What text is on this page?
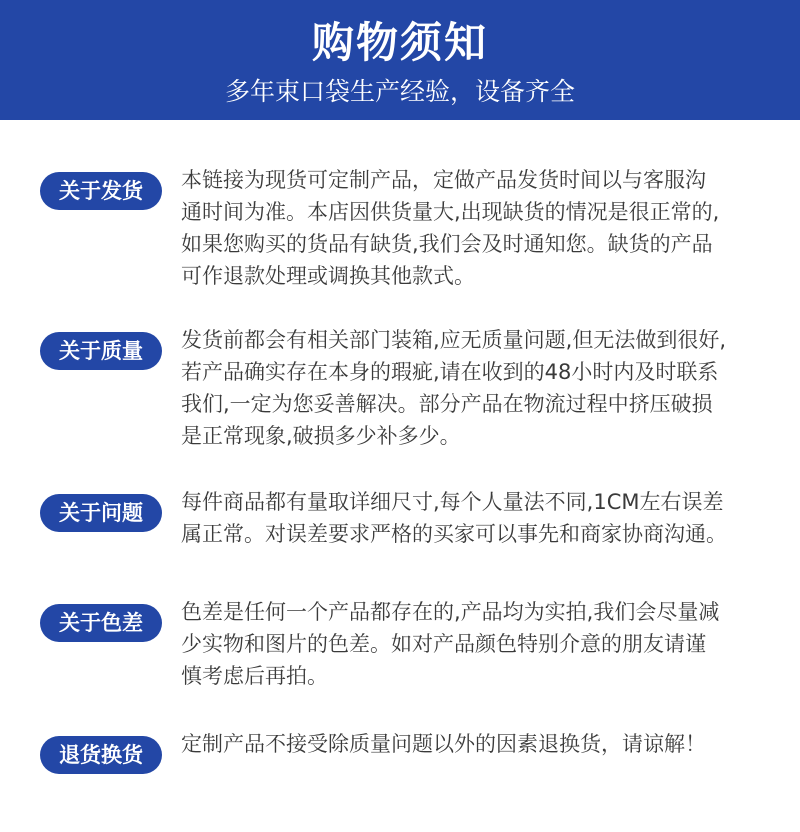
购物须知
多年束口袋生产经验，设备齐全
关于发货	本链接为现货可定制产品，定做产品发货时间以与客服沟
通时间为准。本店因供货量大,出现缺货的情况是很正常的,
如果您购买的货品有缺货,我们会及时通知您。缺货的产品
可作退款处理或调换其他款式。
关于质量	发货前都会有相关部门装箱,应无质量问题,但无法做到很好,
若产品确实存在本身的瑕疵,请在收到的48小时内及时联系
我们,一定为您妥善解决。部分产品在物流过程中挤压破损
是正常现象,破损多少补多少。
关于问题	每件商品都有量取详细尺寸,每个人量法不同,1CM左右误差
属正常。对误差要求严格的买家可以事先和商家协商沟通。
关于色差	色差是任何一个产品都存在的,产品均为实拍,我们会尽量减
少实物和图片的色差。如对产品颜色特别介意的朋友请谨
慎考虑后再拍。
退货换货	定制产品不接受除质量问题以外的因素退换货，请谅解！
